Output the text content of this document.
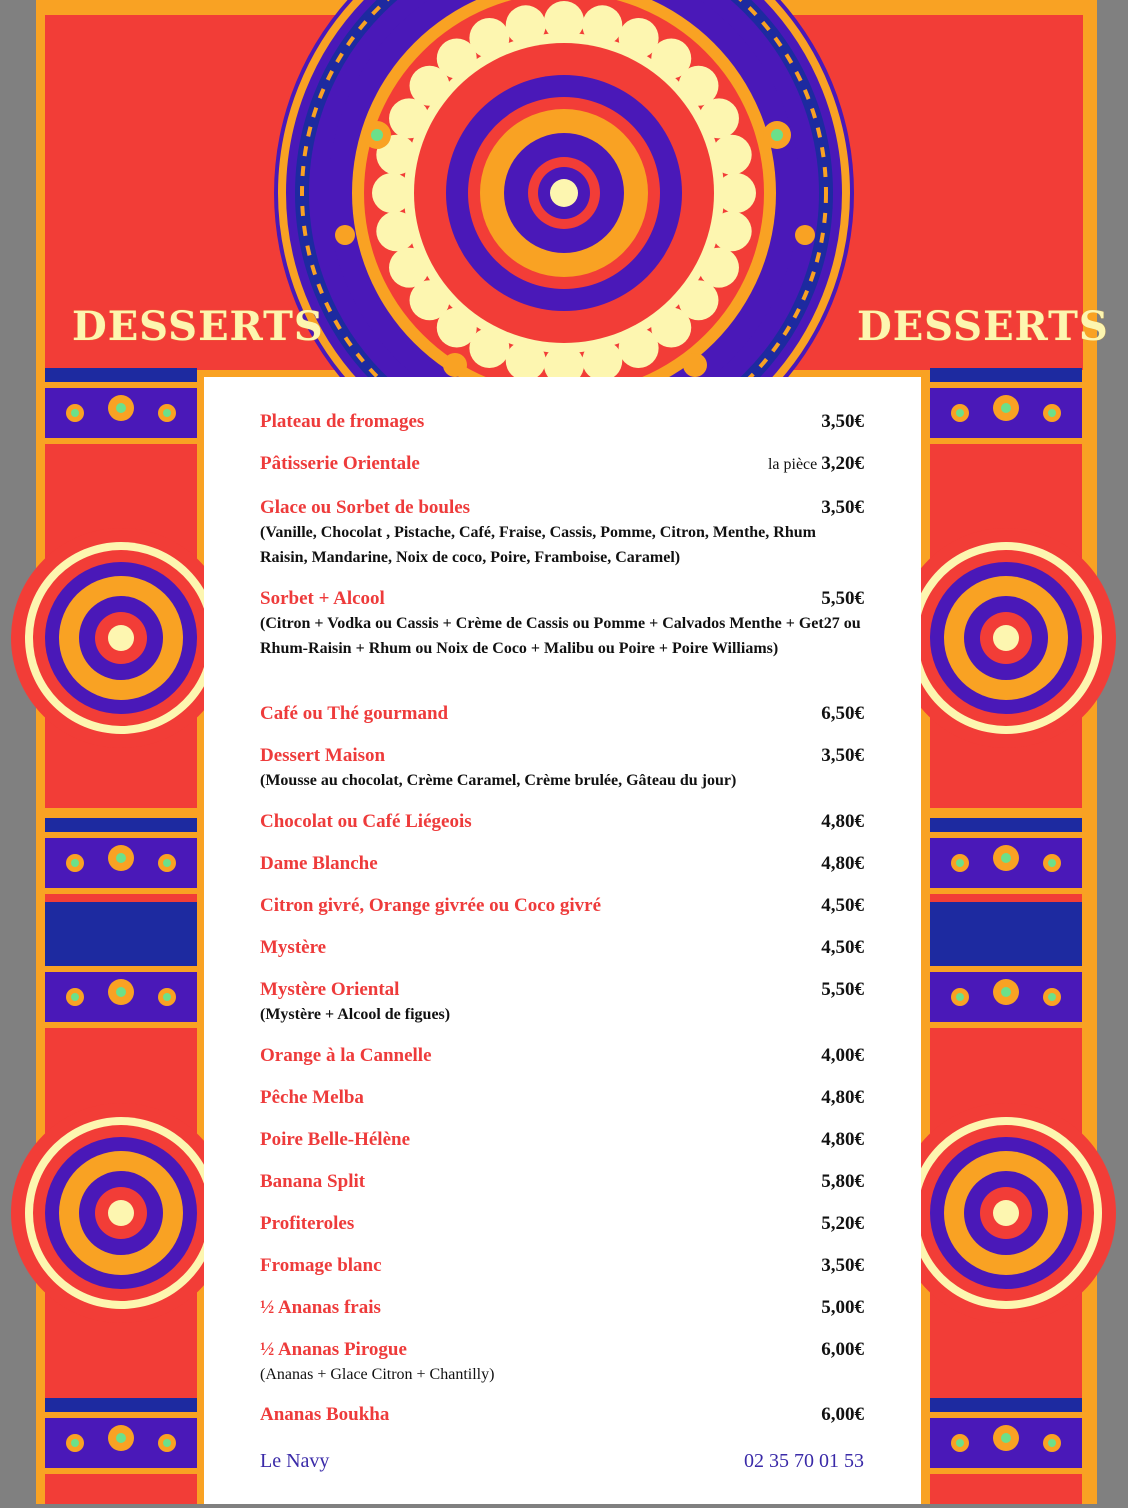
DESSERTS	DESSERTS
Plateau de fromages	3,50€
Pâtisserie Orientale	la pièce 3,20€
Glace ou Sorbet de boules	3,50€
(Vanille, Chocolat , Pistache, Café, Fraise, Cassis, Pomme, Citron, Menthe, Rhum Raisin, Mandarine, Noix de coco, Poire, Framboise, Caramel)
Sorbet + Alcool	5,50€
(Citron + Vodka ou Cassis + Crème de Cassis ou Pomme + Calvados Menthe + Get27 ou Rhum-Raisin + Rhum ou Noix de Coco + Malibu ou Poire + Poire Williams)
Café ou Thé gourmand	6,50€
Dessert Maison	3,50€
(Mousse au chocolat, Crème Caramel, Crème brulée, Gâteau du jour)
Chocolat ou Café Liégeois	4,80€
Dame Blanche	4,80€
Citron givré, Orange givrée ou Coco givré	4,50€
Mystère	4,50€
Mystère Oriental	5,50€
(Mystère + Alcool de figues)
Orange à la Cannelle	4,00€
Pêche Melba	4,80€
Poire Belle-Hélène	4,80€
Banana Split	5,80€
Profiteroles	5,20€
Fromage blanc	3,50€
½ Ananas frais	5,00€
½ Ananas Pirogue	6,00€
(Ananas + Glace Citron + Chantilly)
Ananas Boukha	6,00€
Le Navy	02 35 70 01 53
